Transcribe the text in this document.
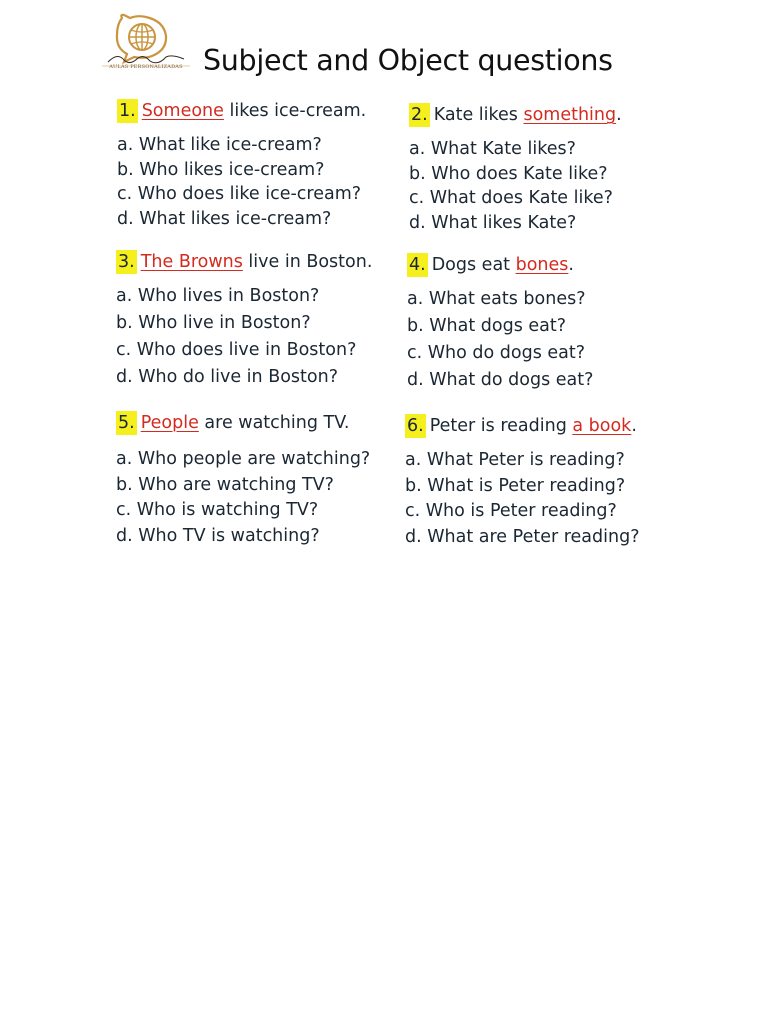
AULAS PERSONALIZADAS Subject and Object questions
1. Someone likes ice-cream.
a. What like ice-cream?
b. Who likes ice-cream?
c. Who does like ice-cream?
d. What likes ice-cream?
2. Kate likes something.
a. What Kate likes?
b. Who does Kate like?
c. What does Kate like?
d. What likes Kate?
3. The Browns live in Boston.
a. Who lives in Boston?
b. Who live in Boston?
c. Who does live in Boston?
d. Who do live in Boston?
4. Dogs eat bones.
a. What eats bones?
b. What dogs eat?
c. Who do dogs eat?
d. What do dogs eat?
5. People are watching TV.
a. Who people are watching?
b. Who are watching TV?
c. Who is watching TV?
d. Who TV is watching?
6. Peter is reading a book.
a. What Peter is reading?
b. What is Peter reading?
c. Who is Peter reading?
d. What are Peter reading?
